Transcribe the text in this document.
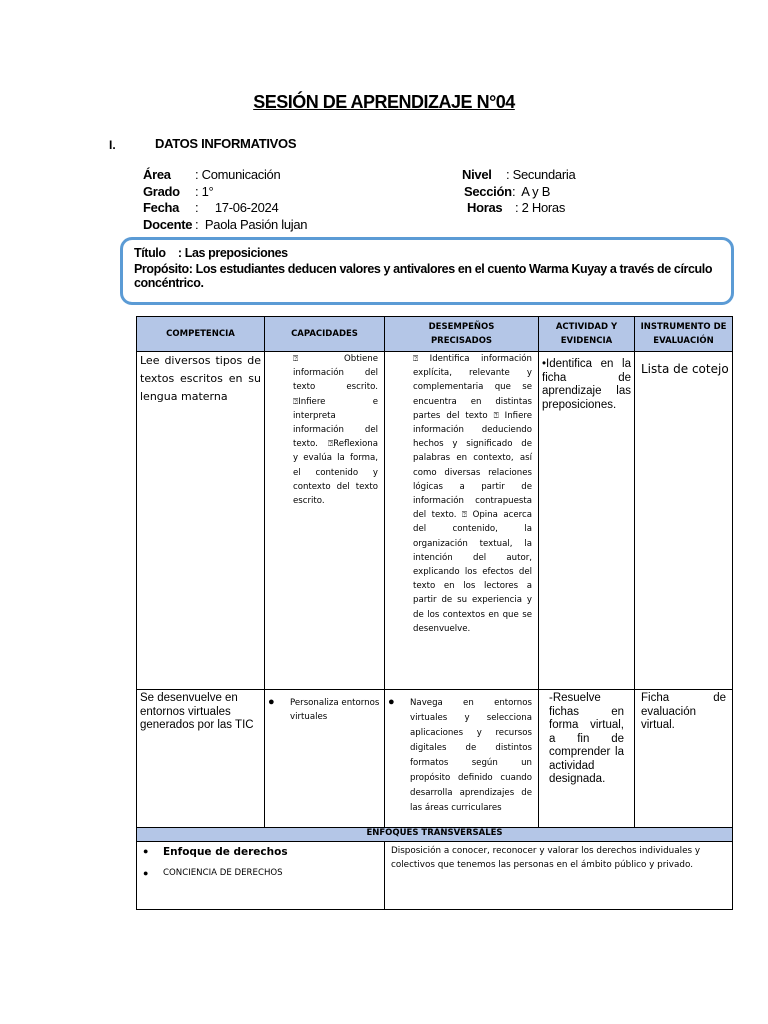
SESIÓN DE APRENDIZAJE N°04
I.	DATOS INFORMATIVOS
Área : Comunicación
Grado : 1°
Fecha :     17-06-2024
Docente :  Paola Pasión lujan
Nivel : Secundaria
Sección:  A y B
Horas : 2 Horas
Título    : Las preposiciones
Propósito: Los estudiantes deducen valores y antivalores en el cuento Warma Kuyay a través de círculo concéntrico.
COMPETENCIA	CAPACIDADES	DESEMPEÑOS PRECISADOS	ACTIVIDAD Y EVIDENCIA	INSTRUMENTO DE EVALUACIÓN
Lee diversos tipos de textos escritos en su lengua materna	⍰ Obtiene información del texto escrito. ⍰Infiere e interpreta información del texto. ⍰Reflexiona y evalúa la forma, el contenido y contexto del texto escrito.	⍰ Identifica información explícita, relevante y complementaria que se encuentra en distintas partes del texto ⍰ Infiere información deduciendo hechos y significado de palabras en contexto, así como diversas relaciones lógicas a partir de información contrapuesta del texto. ⍰ Opina acerca del contenido, la organización textual, la intención del autor, explicando los efectos del texto en los lectores a partir de su experiencia y de los contextos en que se desenvuelve.	•Identifica en la ficha de aprendizaje las preposiciones.	Lista de cotejo
Se desenvuelve en entornos virtuales generados por las TIC	● Personaliza entornos virtuales	● Navega en entornos virtuales y selecciona aplicaciones y recursos digitales de distintos formatos según un propósito definido cuando desarrolla aprendizajes de las áreas curriculares	-Resuelve fichas en forma virtual, a fin de comprender la actividad designada.	Ficha de evaluación virtual.
ENFOQUES TRANSVERSALES				

● Enfoque de derechos
● CONCIENCIA DE DERECHOS		Disposición a conocer, reconocer y valorar los derechos individuales y colectivos que tenemos las personas en el ámbito público y privado.		
